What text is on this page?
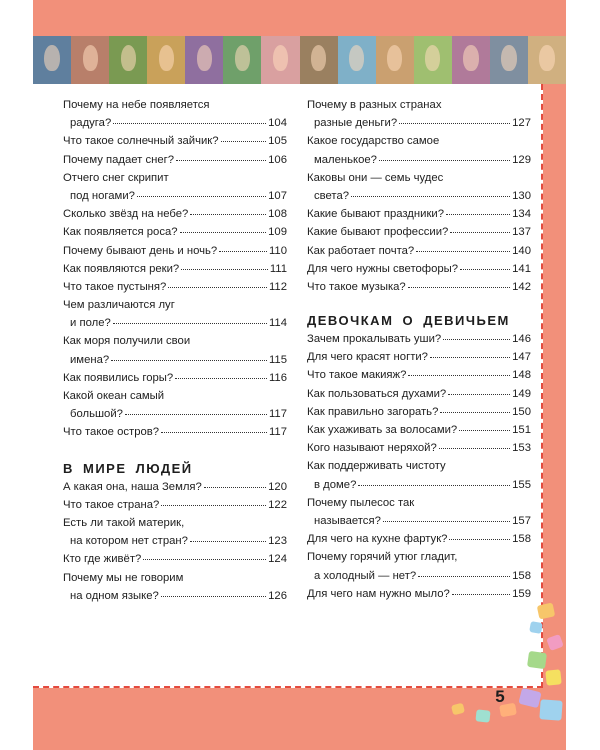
Почему на небе появляется
радуга?	104
Что такое солнечный зайчик?	105
Почему падает снег?	106
Отчего снег скрипит
под ногами?	107
Сколько звёзд на небе?	108
Как появляется роса?	109
Почему бывают день и ночь?	110
Как появляются реки?	111
Что такое пустыня?	112
Чем различаются луг
и поле?	114
Как моря получили свои
имена?	115
Как появились горы?	116
Какой океан самый
большой?	117
Что такое остров?	117
В МИРЕ ЛЮДЕЙ
А какая она, наша Земля?	120
Что такое страна?	122
Есть ли такой материк,
на котором нет стран?	123
Кто где живёт?	124
Почему мы не говорим
на одном языке?	126
Почему в разных странах
разные деньги?	127
Какое государство самое
маленькое?	129
Каковы они — семь чудес
света?	130
Какие бывают праздники?	134
Какие бывают профессии?	137
Как работает почта?	140
Для чего нужны светофоры?	141
Что такое музыка?	142
ДЕВОЧКАМ О ДЕВИЧЬЕМ
Зачем прокалывать уши?	146
Для чего красят ногти?	147
Что такое макияж?	148
Как пользоваться духами?	149
Как правильно загорать?	150
Как ухаживать за волосами?	151
Кого называют неряхой?	153
Как поддерживать чистоту
в доме?	155
Почему пылесос так
называется?	157
Для чего на кухне фартук?	158
Почему горячий утюг гладит,
а холодный — нет?	158
Для чего нам нужно мыло?	159
5
